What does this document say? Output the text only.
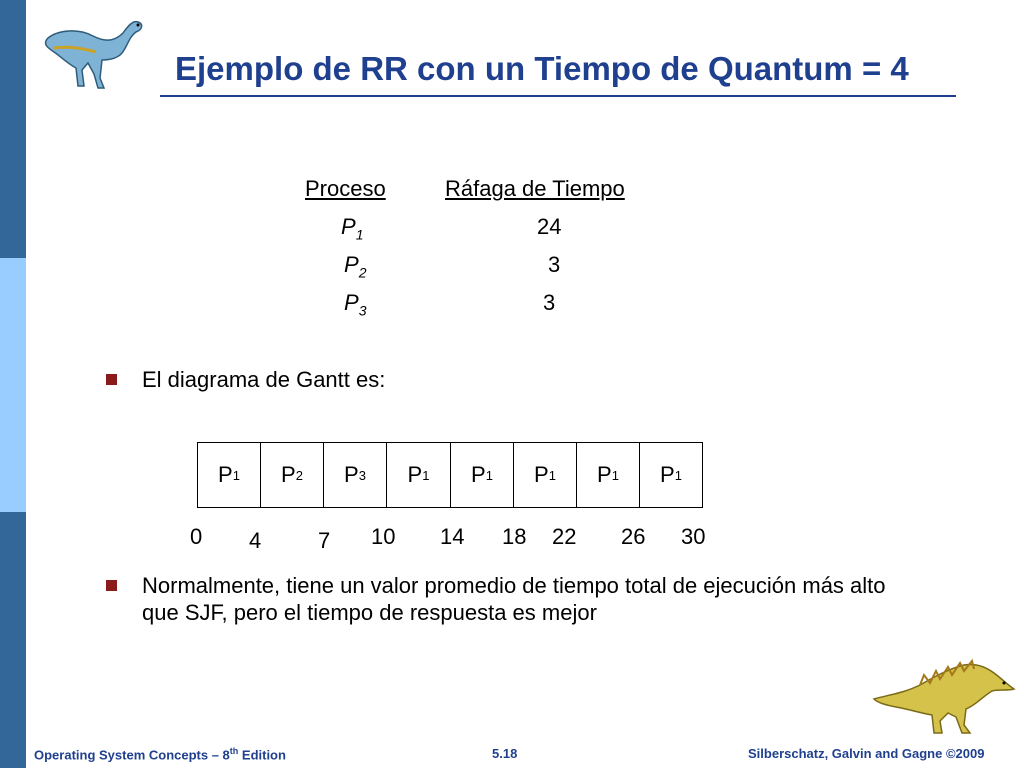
Ejemplo de RR con un Tiempo de Quantum = 4
Proceso	Ráfaga de Tiempo
$P_1$	24
$P_2$	3
$P_3$	3
El diagrama de Gantt es:
P 1 P 2 P 3 P 1 P 1 P 1 P 1 P 1
0 4	7 10 14 18 22 26 30
Normalmente, tiene un valor promedio de tiempo total de ejecución más alto que SJF, pero el tiempo de respuesta es mejor
Operating System Concepts – 8th Edition	5.18	Silberschatz, Galvin and Gagne ©2009
